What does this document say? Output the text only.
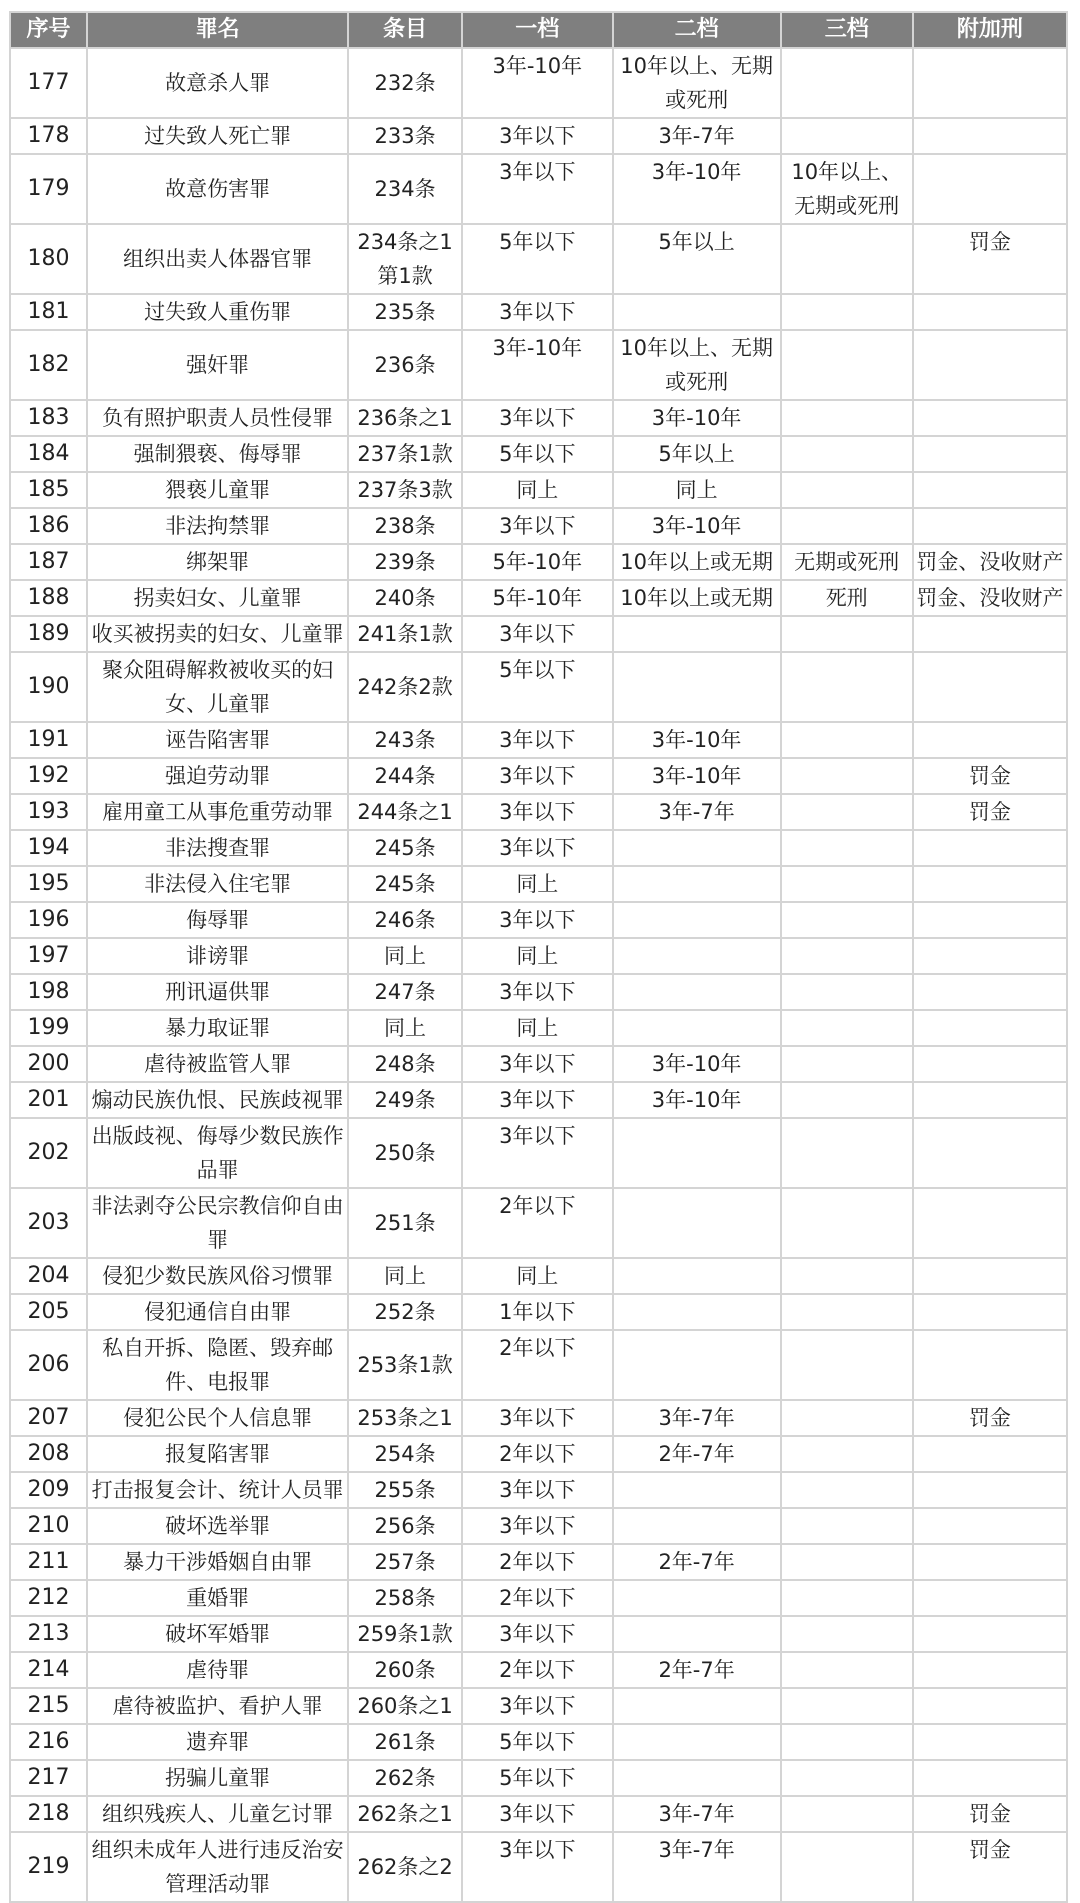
序号	罪名	条目	一档	二档	三档	附加刑
177	故意杀人罪	232条	3年-10年	10年以上、无期或死刑		
178	过失致人死亡罪	233条	3年以下	3年-7年		
179	故意伤害罪	234条	3年以下	3年-10年	10年以上、无期或死刑	
180	组织出卖人体器官罪	234条之1第1款	5年以下	5年以上		罚金
181	过失致人重伤罪	235条	3年以下			
182	强奸罪	236条	3年-10年	10年以上、无期或死刑		
183	负有照护职责人员性侵罪	236条之1	3年以下	3年-10年		
184	强制猥亵、侮辱罪	237条1款	5年以下	5年以上		
185	猥亵儿童罪	237条3款	同上	同上		
186	非法拘禁罪	238条	3年以下	3年-10年		
187	绑架罪	239条	5年-10年	10年以上或无期	无期或死刑	罚金、没收财产
188	拐卖妇女、儿童罪	240条	5年-10年	10年以上或无期	死刑	罚金、没收财产
189	收买被拐卖的妇女、儿童罪	241条1款	3年以下			
190	聚众阻碍解救被收买的妇女、儿童罪	242条2款	5年以下			
191	诬告陷害罪	243条	3年以下	3年-10年		
192	强迫劳动罪	244条	3年以下	3年-10年		罚金
193	雇用童工从事危重劳动罪	244条之1	3年以下	3年-7年		罚金
194	非法搜查罪	245条	3年以下			
195	非法侵入住宅罪	245条	同上			
196	侮辱罪	246条	3年以下			
197	诽谤罪	同上	同上			
198	刑讯逼供罪	247条	3年以下			
199	暴力取证罪	同上	同上			
200	虐待被监管人罪	248条	3年以下	3年-10年		
201	煽动民族仇恨、民族歧视罪	249条	3年以下	3年-10年		
202	出版歧视、侮辱少数民族作品罪	250条	3年以下			
203	非法剥夺公民宗教信仰自由罪	251条	2年以下			
204	侵犯少数民族风俗习惯罪	同上	同上			
205	侵犯通信自由罪	252条	1年以下			
206	私自开拆、隐匿、毁弃邮件、电报罪	253条1款	2年以下			
207	侵犯公民个人信息罪	253条之1	3年以下	3年-7年		罚金
208	报复陷害罪	254条	2年以下	2年-7年		
209	打击报复会计、统计人员罪	255条	3年以下			
210	破坏选举罪	256条	3年以下			
211	暴力干涉婚姻自由罪	257条	2年以下	2年-7年		
212	重婚罪	258条	2年以下			
213	破坏军婚罪	259条1款	3年以下			
214	虐待罪	260条	2年以下	2年-7年		
215	虐待被监护、看护人罪	260条之1	3年以下			
216	遗弃罪	261条	5年以下			
217	拐骗儿童罪	262条	5年以下			
218	组织残疾人、儿童乞讨罪	262条之1	3年以下	3年-7年		罚金
219	组织未成年人进行违反治安管理活动罪	262条之2	3年以下	3年-7年		罚金
